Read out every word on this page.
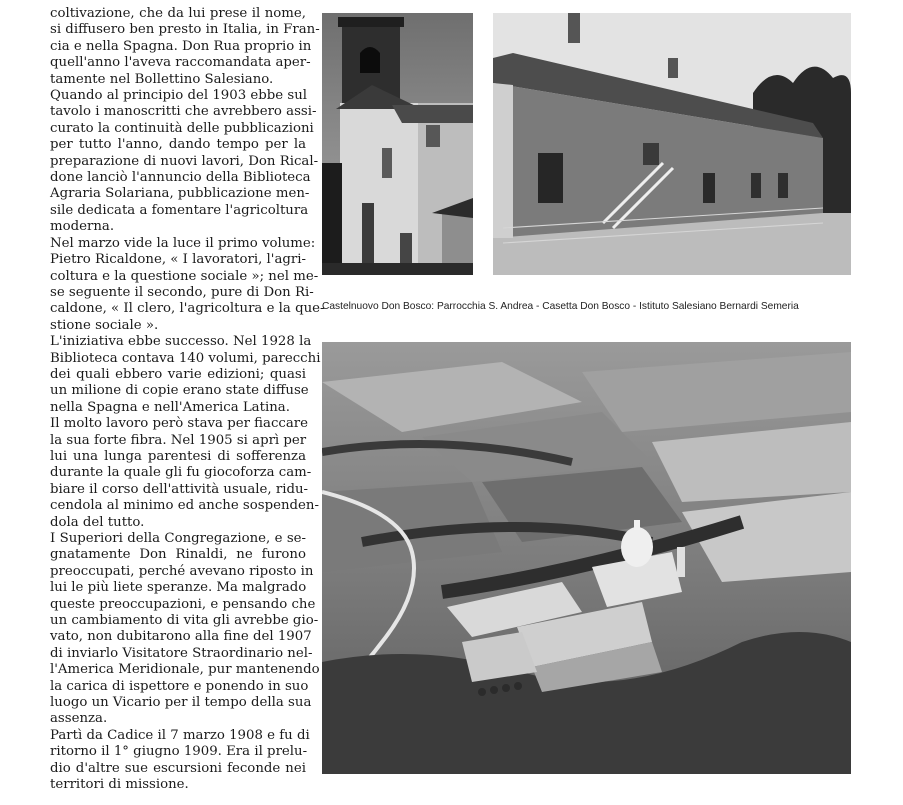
coltivazione, che da lui prese il nome,
si diffusero ben presto in Italia, in Fran-
cia e nella Spagna. Don Rua proprio in
quell'anno l'aveva raccomandata aper-
tamente nel Bollettino Salesiano.
Quando al principio del 1903 ebbe sul
tavolo i manoscritti che avrebbero assi-
curato la continuità delle pubblicazioni
per tutto l'anno, dando tempo per la
preparazione di nuovi lavori, Don Rical-
done lanciò l'annuncio della Biblioteca
Agraria Solariana, pubblicazione men-
sile dedicata a fomentare l'agricoltura
moderna.
Nel marzo vide la luce il primo volume:
Pietro Ricaldone, « I lavoratori, l'agri-
coltura e la questione sociale »; nel me-
se seguente il secondo, pure di Don Ri-
caldone, « Il clero, l'agricoltura e la que-
stione sociale ».
L'iniziativa ebbe successo. Nel 1928 la
Biblioteca contava 140 volumi, parecchi
dei quali ebbero varie edizioni; quasi
un milione di copie erano state diffuse
nella Spagna e nell'America Latina.
Il molto lavoro però stava per fiaccare
la sua forte fibra. Nel 1905 si aprì per
lui una lunga parentesi di sofferenza
durante la quale gli fu giocoforza cam-
biare il corso dell'attività usuale, ridu-
cendola al minimo ed anche sospenden-
dola del tutto.
I Superiori della Congregazione, e se-
gnatamente Don Rinaldi, ne furono
preoccupati, perché avevano riposto in
lui le più liete speranze. Ma malgrado
queste preoccupazioni, e pensando che
un cambiamento di vita gli avrebbe gio-
vato, non dubitarono alla fine del 1907
di inviarlo Visitatore Straordinario nel-
l'America Meridionale, pur mantenendo
la carica di ispettore e ponendo in suo
luogo un Vicario per il tempo della sua
assenza.
Partì da Cadice il 7 marzo 1908 e fu di
ritorno il 1° giugno 1909. Era il prelu-
dio d'altre sue escursioni feconde nei
territori di missione.

Castelnuovo Don Bosco: Parrocchia S. Andrea - Casetta Don Bosco - Istituto Salesiano Bernardi Semeria
